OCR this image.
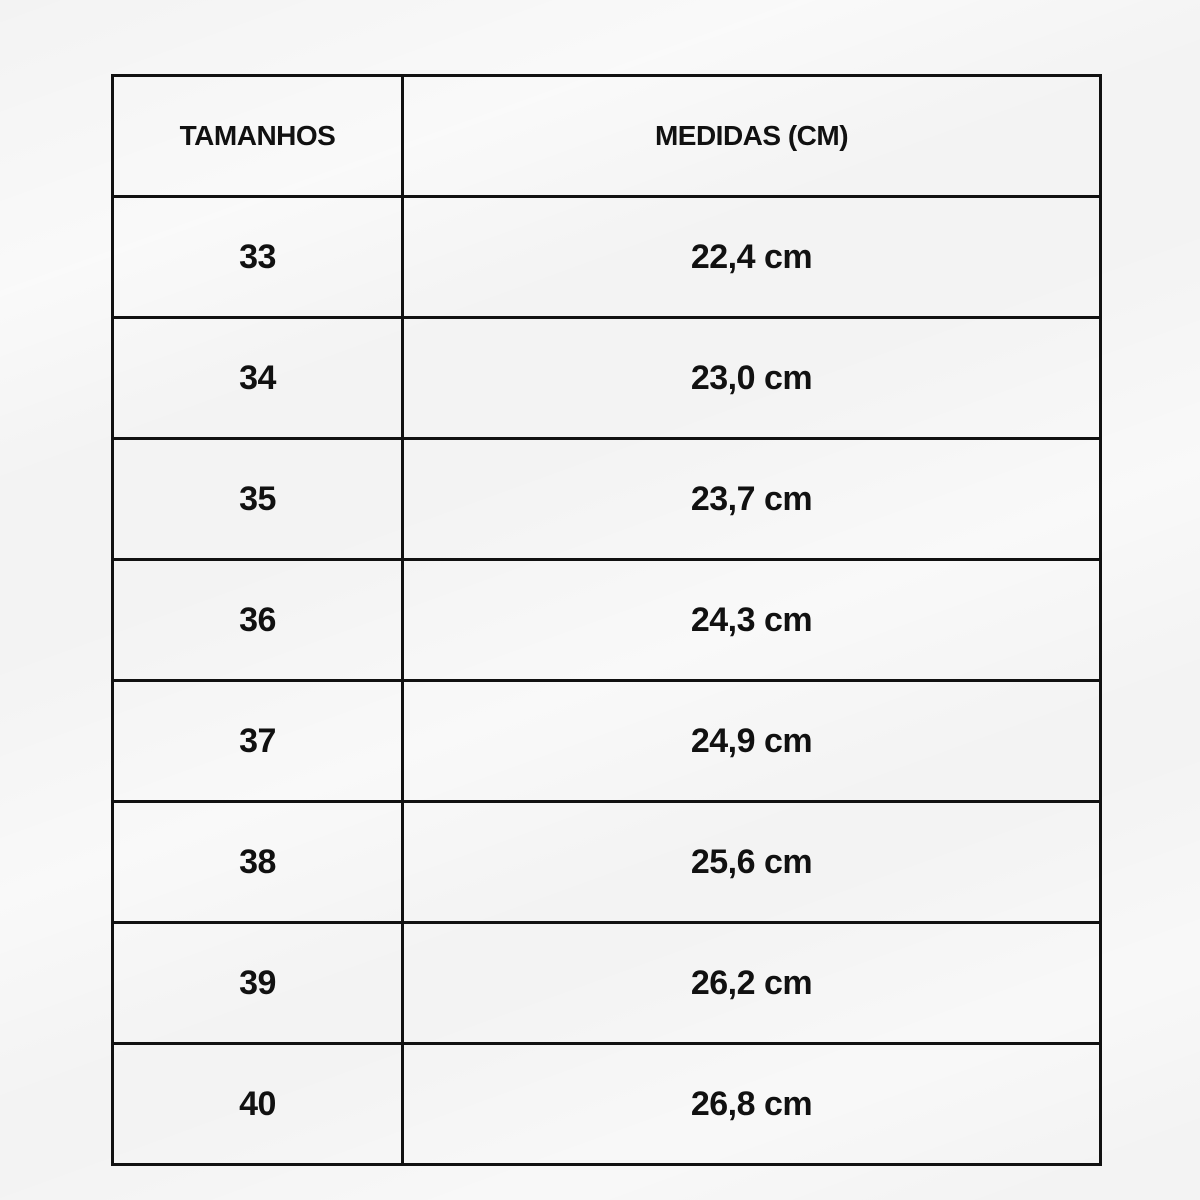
TAMANHOS	MEDIDAS (CM)
33	22,4 cm
34	23,0 cm
35	23,7 cm
36	24,3 cm
37	24,9 cm
38	25,6 cm
39	26,2 cm
40	26,8 cm
